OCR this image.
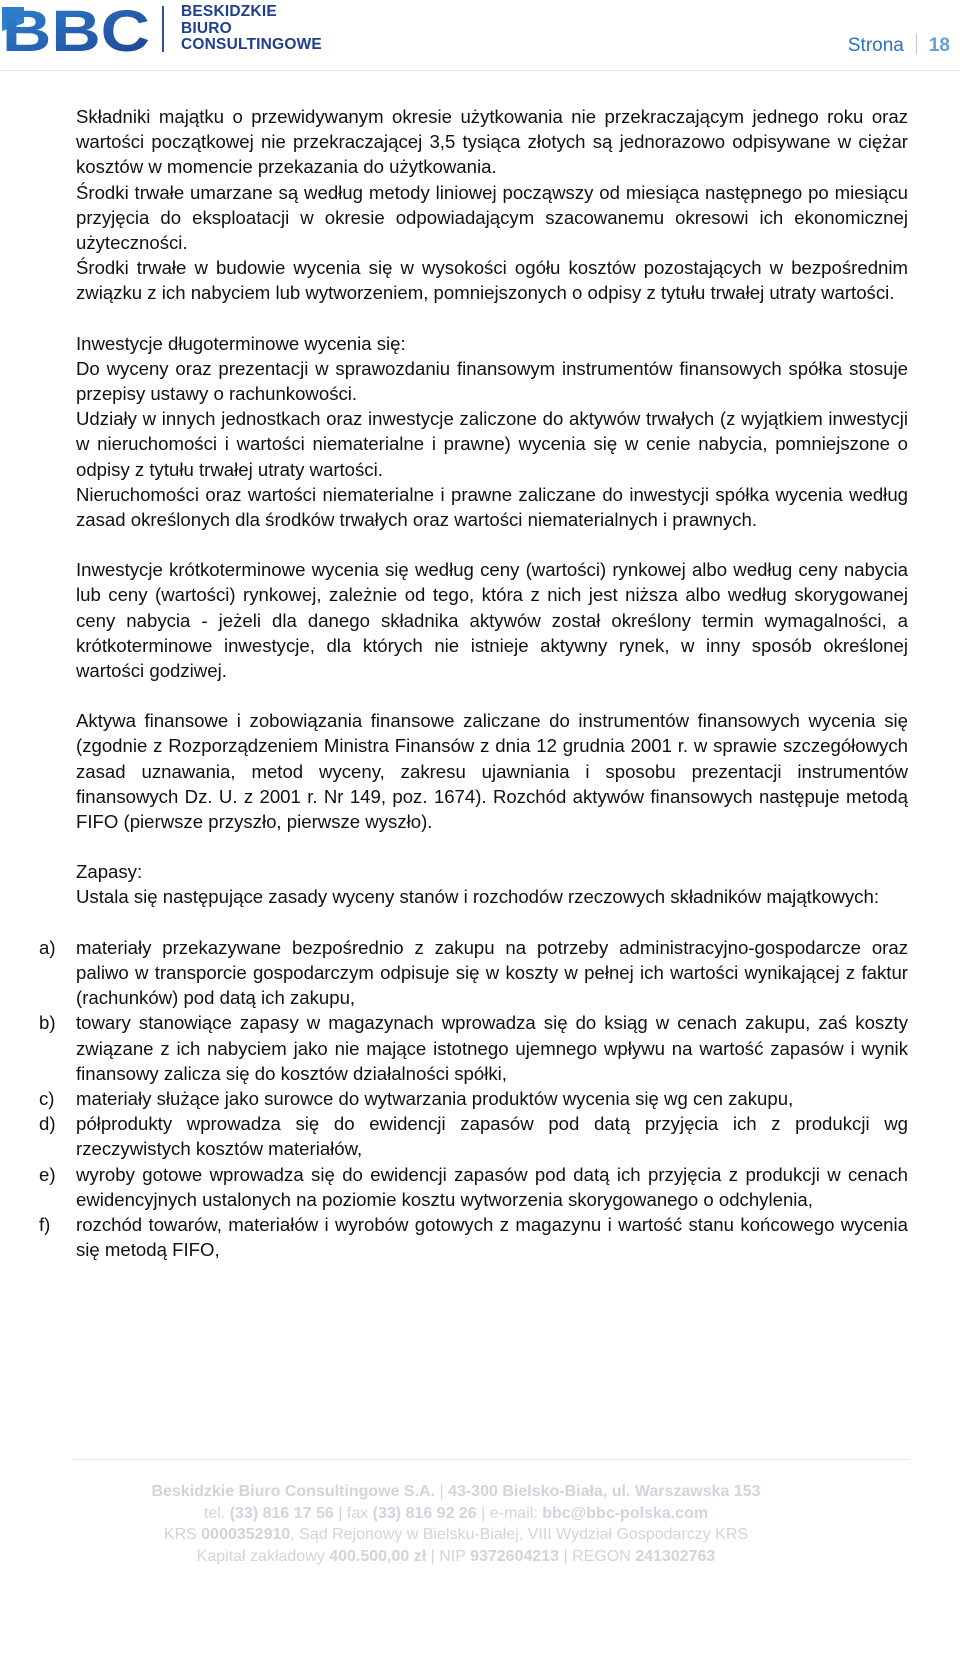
BBC BESKIDZKIE
BIURO
CONSULTINGOWE	Strona 18

Składniki majątku o przewidywanym okresie użytkowania nie przekraczającym jednego roku oraz wartości początkowej nie przekraczającej 3,5 tysiąca złotych są jednorazowo odpisywane w ciężar kosztów w momencie przekazania do użytkowania.

Środki trwałe umarzane są według metody liniowej począwszy od miesiąca następnego po miesiącu przyjęcia do eksploatacji w okresie odpowiadającym szacowanemu okresowi ich ekonomicznej użyteczności.

Środki trwałe w budowie wycenia się w wysokości ogółu kosztów pozostających w bezpośrednim związku z ich nabyciem lub wytworzeniem, pomniejszonych o odpisy z tytułu trwałej utraty wartości.

Inwestycje długoterminowe wycenia się:

Do wyceny oraz prezentacji w sprawozdaniu finansowym instrumentów finansowych spółka stosuje przepisy ustawy o rachunkowości.

Udziały w innych jednostkach oraz inwestycje zaliczone do aktywów trwałych (z wyjątkiem inwestycji w nieruchomości i wartości niematerialne i prawne) wycenia się w cenie nabycia, pomniejszone o odpisy z tytułu trwałej utraty wartości.

Nieruchomości oraz wartości niematerialne i prawne zaliczane do inwestycji spółka wycenia według zasad określonych dla środków trwałych oraz wartości niematerialnych i prawnych.

Inwestycje krótkoterminowe wycenia się według ceny (wartości) rynkowej albo według ceny nabycia lub ceny (wartości) rynkowej, zależnie od tego, która z nich jest niższa albo według skorygowanej ceny nabycia - jeżeli dla danego składnika aktywów został określony termin wymagalności, a krótkoterminowe inwestycje, dla których nie istnieje aktywny rynek, w inny sposób określonej wartości godziwej.

Aktywa finansowe i zobowiązania finansowe zaliczane do instrumentów finansowych wycenia się (zgodnie z Rozporządzeniem Ministra Finansów z dnia 12 grudnia 2001 r. w sprawie szczegółowych zasad uznawania, metod wyceny, zakresu ujawniania i sposobu prezentacji instrumentów finansowych Dz. U. z 2001 r. Nr 149, poz. 1674). Rozchód aktywów finansowych następuje metodą FIFO (pierwsze przyszło, pierwsze wyszło).

Zapasy:

Ustala się następujące zasady wyceny stanów i rozchodów rzeczowych składników majątkowych:

a) materiały przekazywane bezpośrednio z zakupu na potrzeby administracyjno-gospodarcze oraz paliwo w transporcie gospodarczym odpisuje się w koszty w pełnej ich wartości wynikającej z faktur (rachunków) pod datą ich zakupu,
b) towary stanowiące zapasy w magazynach wprowadza się do ksiąg w cenach zakupu, zaś koszty związane z ich nabyciem jako nie mające istotnego ujemnego wpływu na wartość zapasów i wynik finansowy zalicza się do kosztów działalności spółki,
c) materiały służące jako surowce do wytwarzania produktów wycenia się wg cen zakupu,
d) półprodukty wprowadza się do ewidencji zapasów pod datą przyjęcia ich z produkcji wg rzeczywistych kosztów materiałów,
e) wyroby gotowe wprowadza się do ewidencji zapasów pod datą ich przyjęcia z produkcji w cenach ewidencyjnych ustalonych na poziomie kosztu wytworzenia skorygowanego o odchylenia,
f) rozchód towarów, materiałów i wyrobów gotowych z magazynu i wartość stanu końcowego wycenia się metodą FIFO,
Beskidzkie Biuro Consultingowe S.A. | 43-300 Bielsko-Biała, ul. Warszawska 153
tel. (33) 816 17 56 | fax (33) 816 92 26 | e-mail: bbc@bbc-polska.com
KRS 0000352910, Sąd Rejonowy w Bielsku-Białej, VIII Wydział Gospodarczy KRS
Kapitał zakładowy 400.500,00 zł | NIP 9372604213 | REGON 241302763
